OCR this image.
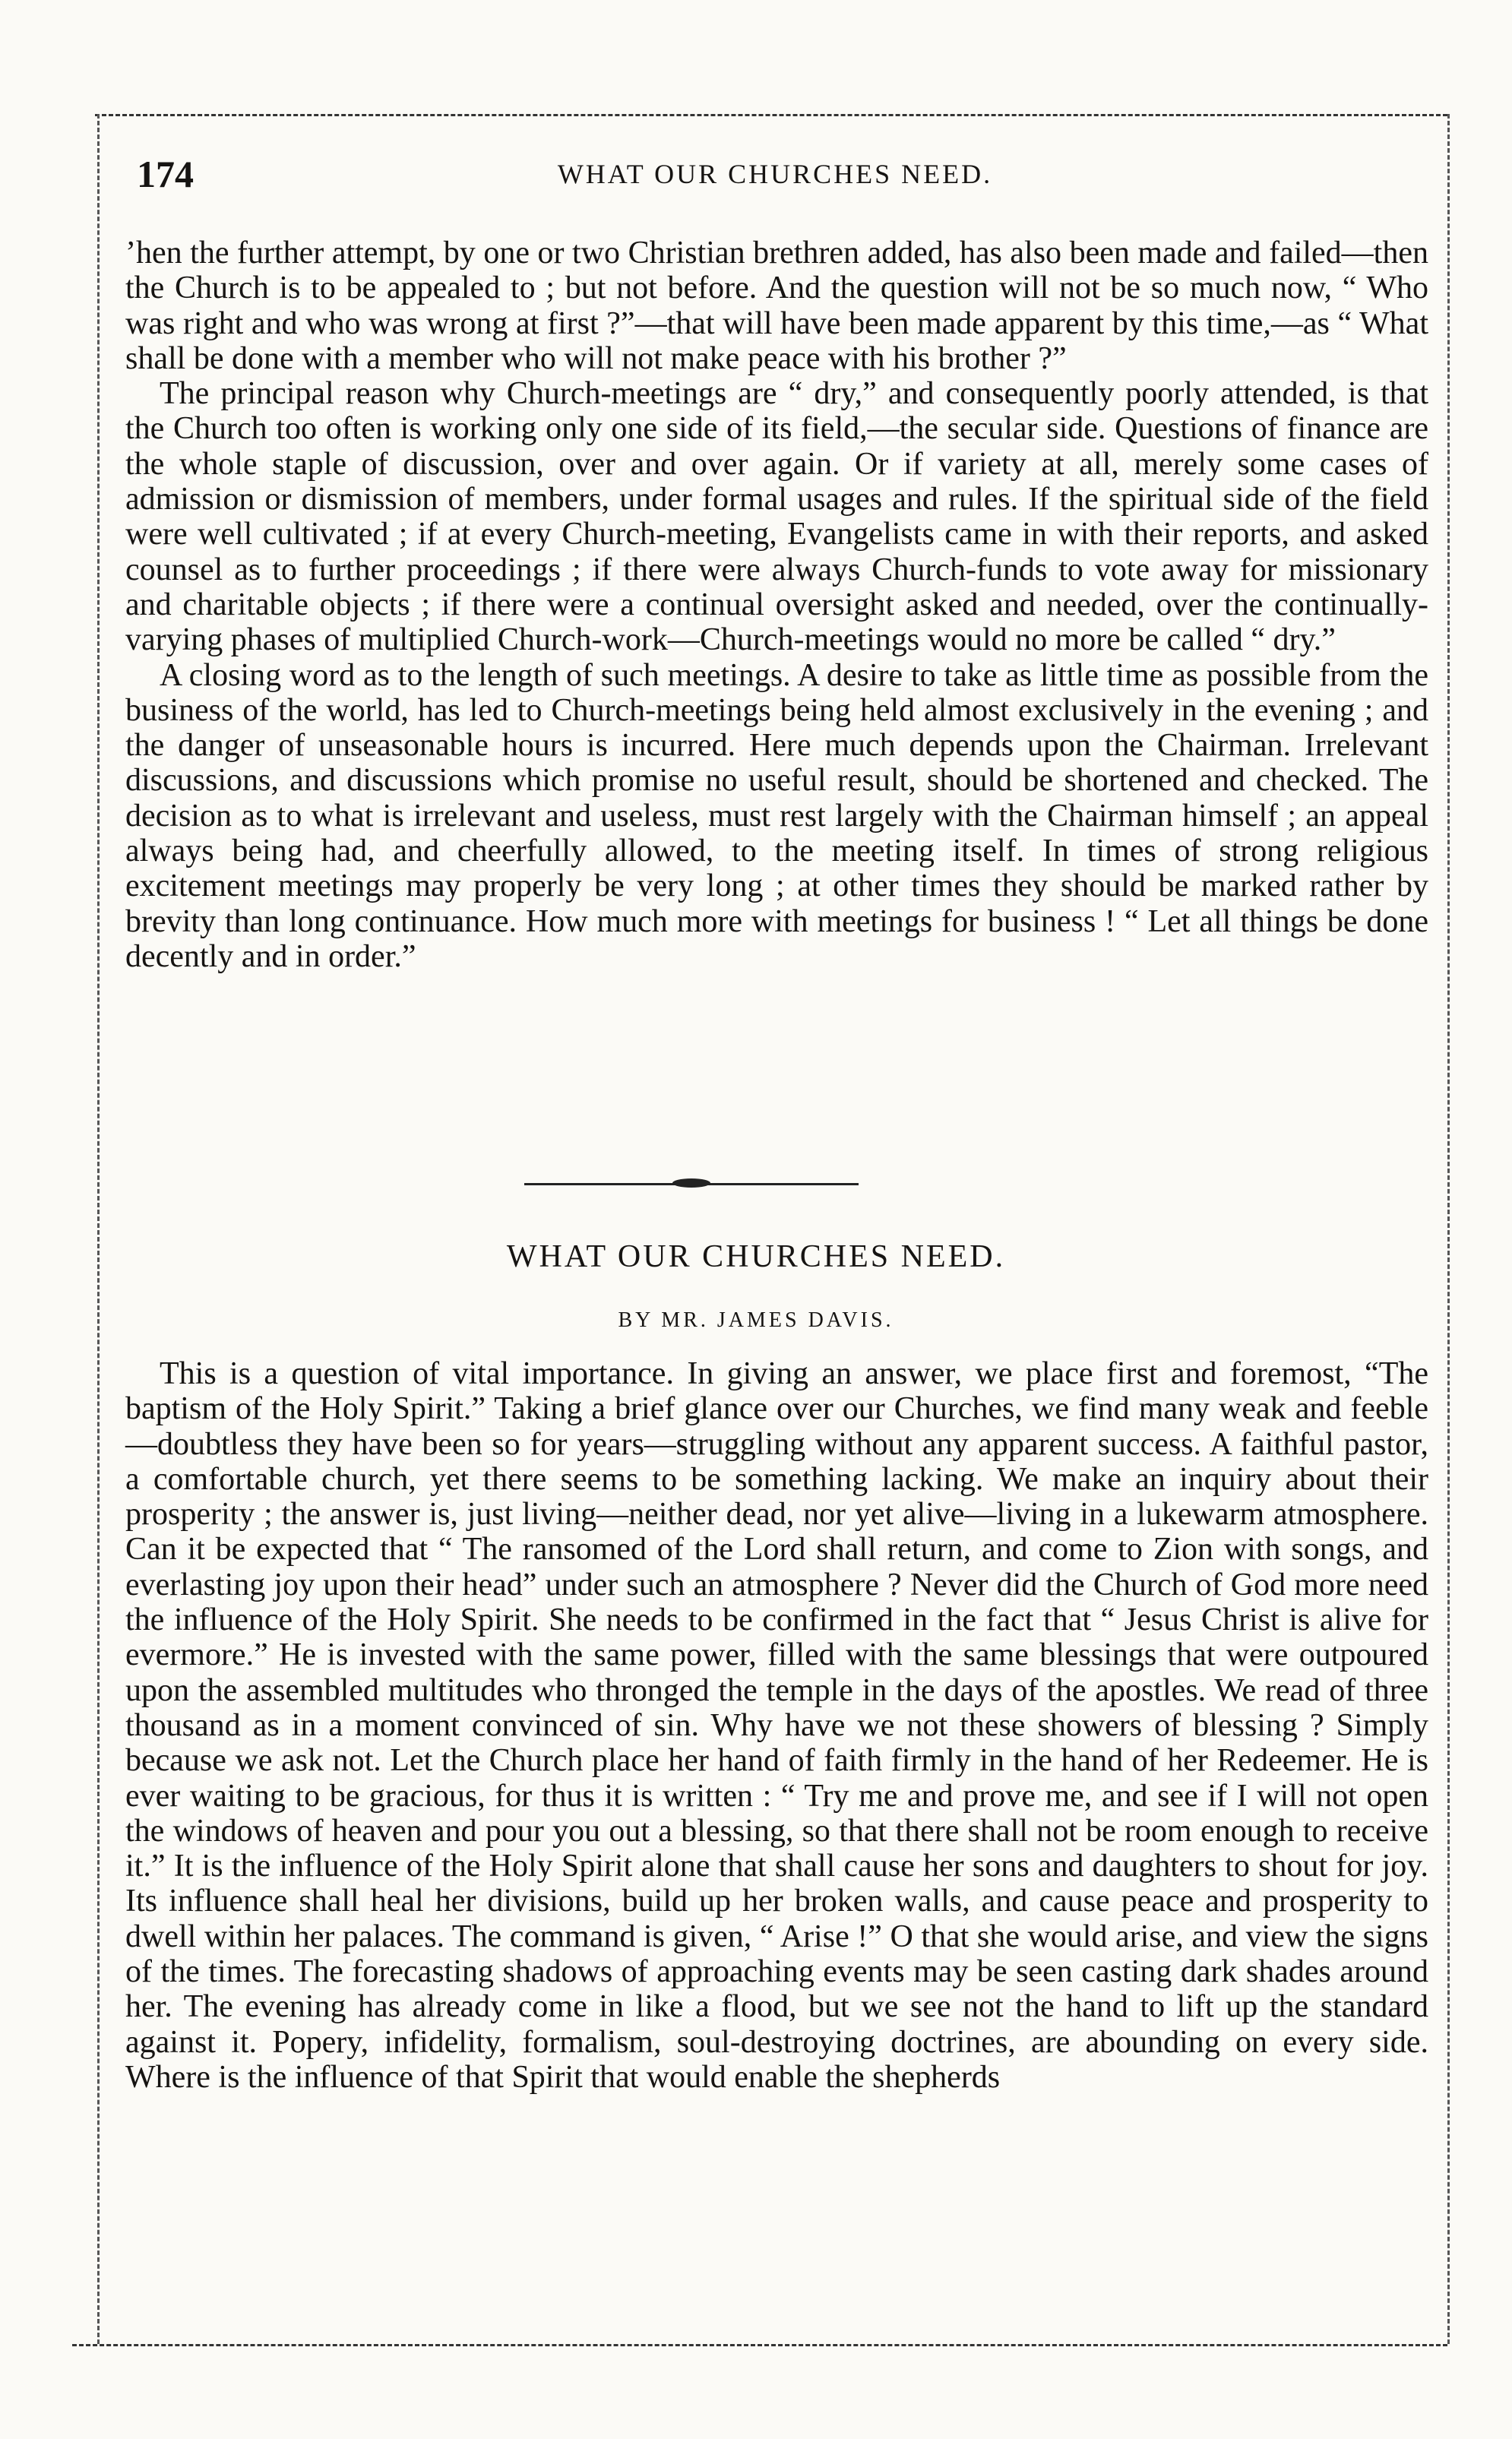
174	WHAT OUR CHURCHES NEED.

’hen the further attempt, by one or two Christian brethren added, has also been made and failed—then the Church is to be appealed to ; but not before. And the question will not be so much now, “ Who was right and who was wrong at first ?”—that will have been made apparent by this time,—as “ What shall be done with a member who will not make peace with his brother ?”

The principal reason why Church-meetings are “ dry,” and consequently poorly attended, is that the Church too often is working only one side of its field,—the secular side. Questions of finance are the whole staple of discussion, over and over again. Or if variety at all, merely some cases of admission or dismission of members, under formal usages and rules. If the spiritual side of the field were well cultivated ; if at every Church-meeting, Evangelists came in with their reports, and asked counsel as to further proceedings ; if there were always Church-funds to vote away for missionary and charitable objects ; if there were a continual oversight asked and needed, over the continually-varying phases of multiplied Church-work—Church-meetings would no more be called “ dry.”

A closing word as to the length of such meetings. A desire to take as little time as possible from the business of the world, has led to Church-meetings being held almost exclusively in the evening ; and the danger of unseasonable hours is incurred. Here much depends upon the Chairman. Irrelevant discussions, and discussions which promise no useful result, should be shortened and checked. The decision as to what is irrelevant and useless, must rest largely with the Chairman himself ; an appeal always being had, and cheerfully allowed, to the meeting itself. In times of strong religious excitement meetings may properly be very long ; at other times they should be marked rather by brevity than long continuance. How much more with meetings for business ! “ Let all things be done decently and in order.”

WHAT OUR CHURCHES NEED.
BY MR. JAMES DAVIS.

This is a question of vital importance. In giving an answer, we place first and foremost, “The baptism of the Holy Spirit.” Taking a brief glance over our Churches, we find many weak and feeble—doubtless they have been so for years—struggling without any apparent success. A faithful pastor, a comfortable church, yet there seems to be something lacking. We make an inquiry about their prosperity ; the answer is, just living—neither dead, nor yet alive—living in a lukewarm atmosphere. Can it be expected that “ The ransomed of the Lord shall return, and come to Zion with songs, and everlasting joy upon their head” under such an atmosphere ? Never did the Church of God more need the influence of the Holy Spirit. She needs to be confirmed in the fact that “ Jesus Christ is alive for evermore.” He is invested with the same power, filled with the same blessings that were outpoured upon the assembled multitudes who thronged the temple in the days of the apostles. We read of three thousand as in a moment convinced of sin. Why have we not these showers of blessing ? Simply because we ask not. Let the Church place her hand of faith firmly in the hand of her Redeemer. He is ever waiting to be gracious, for thus it is written : “ Try me and prove me, and see if I will not open the windows of heaven and pour you out a blessing, so that there shall not be room enough to receive it.” It is the influence of the Holy Spirit alone that shall cause her sons and daughters to shout for joy. Its influence shall heal her divisions, build up her broken walls, and cause peace and prosperity to dwell within her palaces. The command is given, “ Arise !” O that she would arise, and view the signs of the times. The forecasting shadows of approaching events may be seen casting dark shades around her. The evening has already come in like a flood, but we see not the hand to lift up the standard against it. Popery, infidelity, formalism, soul-destroying doctrines, are abounding on every side. Where is the influence of that Spirit that would enable the shepherds
